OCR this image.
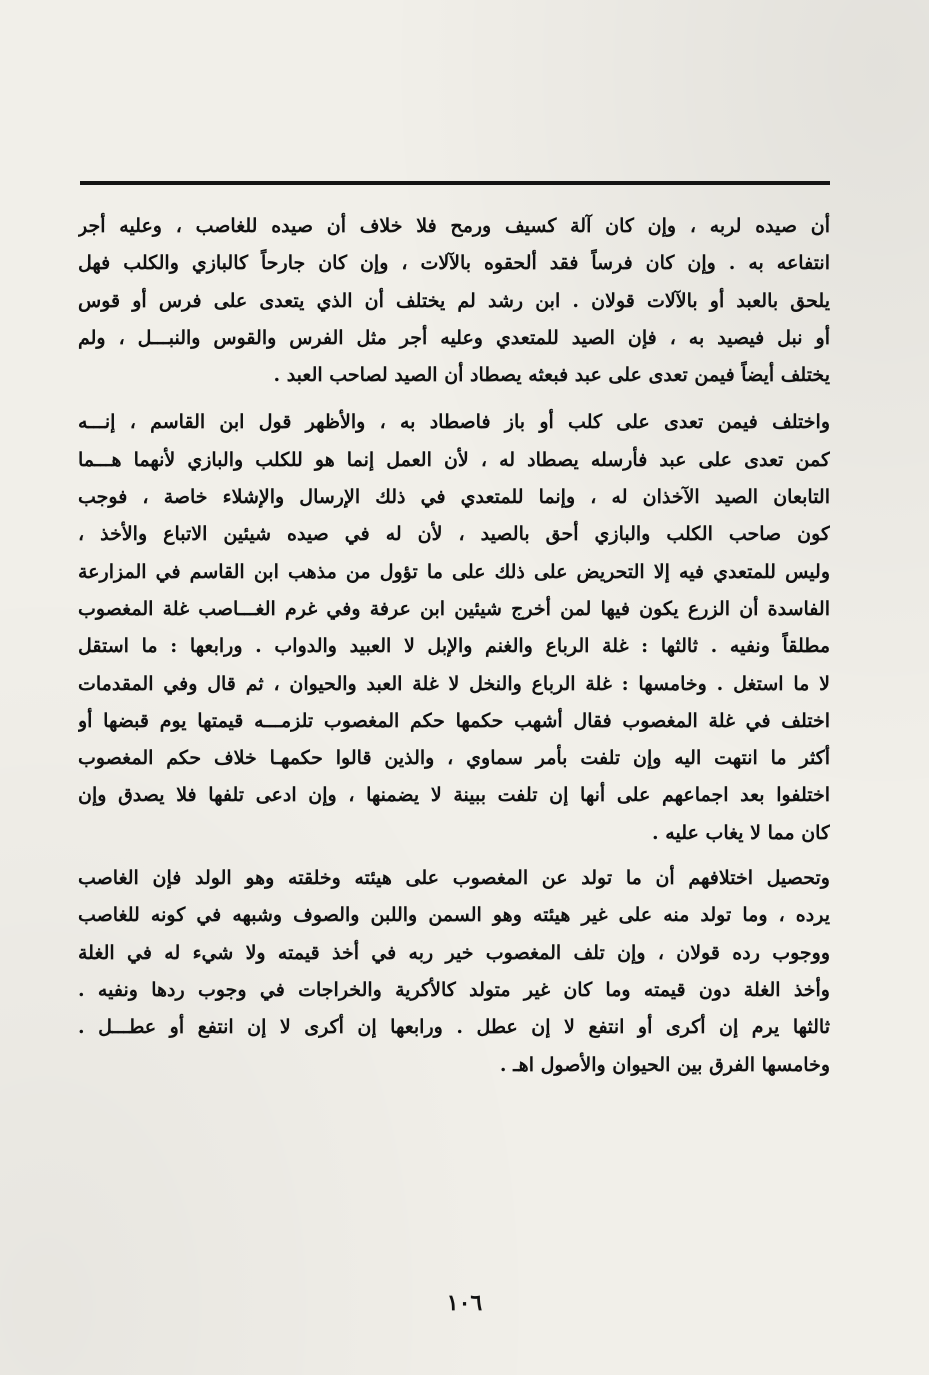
أن صيده لربه ، وإن كان آلة كسيف ورمح فلا خلاف أن صيده للغاصب ، وعليه أجر
انتفاعه به . وإن كان فرساً فقد ألحقوه بالآلات ، وإن كان جارحاً كالبازي والكلب فهل
يلحق بالعبد أو بالآلات قولان . ابن رشد لم يختلف أن الذي يتعدى على فرس أو قوس
أو نبل فيصيد به ، فإن الصيد للمتعدي وعليه أجر مثل الفرس والقوس والنبـــل ، ولم
يختلف أيضاً فيمن تعدى على عبد فبعثه يصطاد أن الصيد لصاحب العبد .
واختلف فيمن تعدى على كلب أو باز فاصطاد به ، والأظهر قول ابن القاسم ، إنـــه
كمن تعدى على عبد فأرسله يصطاد له ، لأن العمل إنما هو للكلب والبازي لأنهما هـــما
التابعان الصيد الآخذان له ، وإنما للمتعدي في ذلك الإرسال والإشلاء خاصة ، فوجب
كون صاحب الكلب والبازي أحق بالصيد ، لأن له في صيده شيئين الاتباع والأخذ ،
وليس للمتعدي فيه إلا التحريض على ذلك على ما تؤول من مذهب ابن القاسم في المزارعة
الفاسدة أن الزرع يكون فيها لمن أخرج شيئين ابن عرفة وفي غرم الغـــاصب غلة المغصوب
مطلقاً ونفيه . ثالثها : غلة الرباع والغنم والإبل لا العبيد والدواب . ورابعها : ما استقل
لا ما استغل . وخامسها : غلة الرباع والنخل لا غلة العبد والحيوان ، ثم قال وفي المقدمات
اختلف في غلة المغصوب فقال أشهب حكمها حكم المغصوب تلزمـــه قيمتها يوم قبضها أو
أكثر ما انتهت اليه وإن تلفت بأمر سماوي ، والذين قالوا حكمهـا خلاف حكم المغصوب
اختلفوا بعد اجماعهم على أنها إن تلفت ببينة لا يضمنها ، وإن ادعى تلفها فلا يصدق وإن
كان مما لا يغاب عليه .
وتحصيل اختلافهم أن ما تولد عن المغصوب على هيئته وخلقته وهو الولد فإن الغاصب
يرده ، وما تولد منه على غير هيئته وهو السمن واللبن والصوف وشبهه في كونه للغاصب
ووجوب رده قولان ، وإن تلف المغصوب خير ربه في أخذ قيمته ولا شيء له في الغلة
وأخذ الغلة دون قيمته وما كان غير متولد كالأكرية والخراجات في وجوب ردها ونفيه .
ثالثها يرم إن أكرى أو انتفع لا إن عطل . ورابعها إن أكرى لا إن انتفع أو عطـــل .
وخامسها الفرق بين الحيوان والأصول اهـ .
١٠٦
